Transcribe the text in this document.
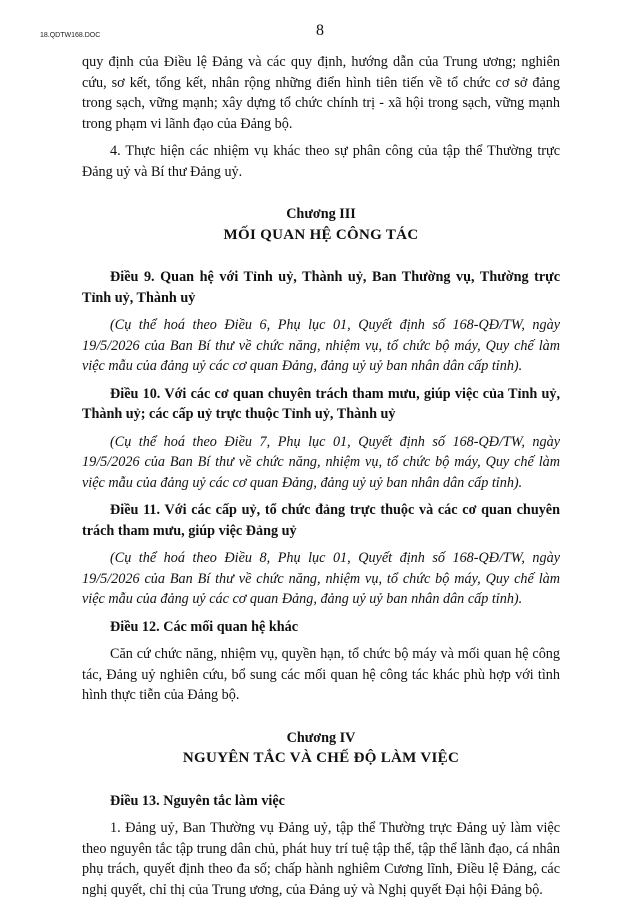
18.QDTW168.DOC	8

quy định của Điều lệ Đảng và các quy định, hướng dẫn của Trung ương; nghiên cứu, sơ kết, tổng kết, nhân rộng những điển hình tiên tiến về tổ chức cơ sở đảng trong sạch, vững mạnh; xây dựng tổ chức chính trị - xã hội trong sạch, vững mạnh trong phạm vi lãnh đạo của Đảng bộ.

4. Thực hiện các nhiệm vụ khác theo sự phân công của tập thể Thường trực Đảng uỷ và Bí thư Đảng uỷ.

Chương III

MỐI QUAN HỆ CÔNG TÁC

Điều 9. Quan hệ với Tỉnh uỷ, Thành uỷ, Ban Thường vụ, Thường trực Tỉnh uỷ, Thành uỷ

(Cụ thể hoá theo Điều 6, Phụ lục 01, Quyết định số 168-QĐ/TW, ngày 19/5/2026 của Ban Bí thư về chức năng, nhiệm vụ, tổ chức bộ máy, Quy chế làm việc mẫu của đảng uỷ các cơ quan Đảng, đảng uỷ uỷ ban nhân dân cấp tỉnh).

Điều 10. Với các cơ quan chuyên trách tham mưu, giúp việc của Tỉnh uỷ, Thành uỷ; các cấp uỷ trực thuộc Tỉnh uỷ, Thành uỷ

(Cụ thể hoá theo Điều 7, Phụ lục 01, Quyết định số 168-QĐ/TW, ngày 19/5/2026 của Ban Bí thư về chức năng, nhiệm vụ, tổ chức bộ máy, Quy chế làm việc mẫu của đảng uỷ các cơ quan Đảng, đảng uỷ uỷ ban nhân dân cấp tỉnh).

Điều 11. Với các cấp uỷ, tổ chức đảng trực thuộc và các cơ quan chuyên trách tham mưu, giúp việc Đảng uỷ

(Cụ thể hoá theo Điều 8, Phụ lục 01, Quyết định số 168-QĐ/TW, ngày 19/5/2026 của Ban Bí thư về chức năng, nhiệm vụ, tổ chức bộ máy, Quy chế làm việc mẫu của đảng uỷ các cơ quan Đảng, đảng uỷ uỷ ban nhân dân cấp tỉnh).

Điều 12. Các mối quan hệ khác

Căn cứ chức năng, nhiệm vụ, quyền hạn, tổ chức bộ máy và mối quan hệ công tác, Đảng uỷ nghiên cứu, bổ sung các mối quan hệ công tác khác phù hợp với tình hình thực tiễn của Đảng bộ.

Chương IV

NGUYÊN TẮC VÀ CHẾ ĐỘ LÀM VIỆC

Điều 13. Nguyên tắc làm việc

1. Đảng uỷ, Ban Thường vụ Đảng uỷ, tập thể Thường trực Đảng uỷ làm việc theo nguyên tắc tập trung dân chủ, phát huy trí tuệ tập thể, tập thể lãnh đạo, cá nhân phụ trách, quyết định theo đa số; chấp hành nghiêm Cương lĩnh, Điều lệ Đảng, các nghị quyết, chỉ thị của Trung ương, của Đảng uỷ và Nghị quyết Đại hội Đảng bộ.
